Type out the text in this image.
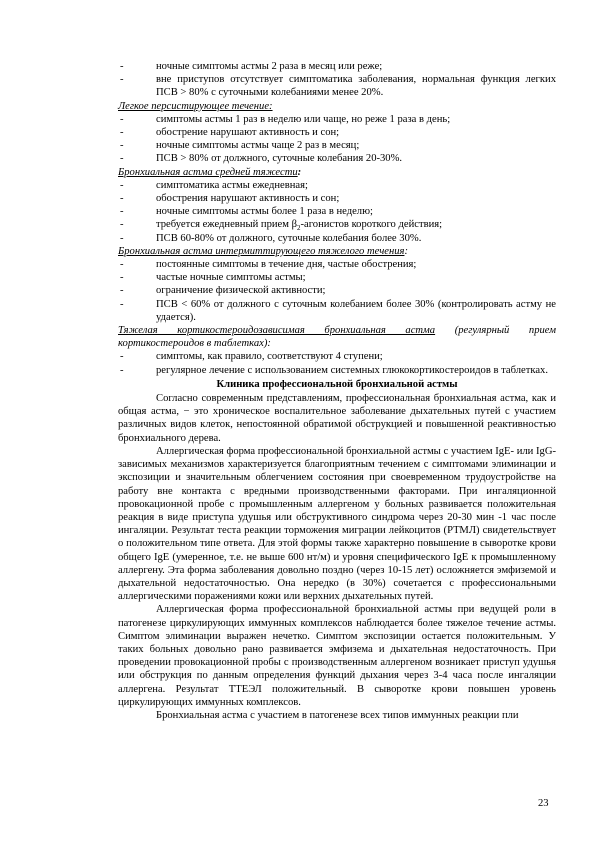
-	ночные симптомы астмы 2 раза в месяц или реже;
-	вне приступов отсутствует симптоматика заболевания, нормальная функция легких ПСВ > 80% с суточными колебаниями менее 20%.
Легкое персистирующее течение:
-	симптомы астмы 1 раз в неделю или чаще, но реже 1 раза в день;
-	обострение нарушают активность и сон;
-	ночные симптомы астмы чаще 2 раз в месяц;
-	ПСВ > 80% от должного, суточные колебания 20-30%.
Бронхиальная астма средней тяжести:
-	симптоматика астмы ежедневная;
-	обострения нарушают активность и сон;
-	ночные симптомы астмы более 1 раза в неделю;
-	требуется ежедневный прием $\beta_2$-агонистов короткого действия;
-	ПСВ 60-80% от должного, суточные колебания более 30%.
Бронхиальная астма интермиттирующего тяжелого течения:
-	постоянные симптомы в течение дня, частые обострения;
-	частые ночные симптомы астмы;
-	ограничение физической активности;
-	ПСВ < 60% от должного с суточным колебанием более 30% (контролировать астму не удается).
Тяжелая кортикостероидозависимая бронхиальная астма (регулярный прием кортикостероидов в таблетках):
-	симптомы, как правило, соответствуют 4 ступени;
-	регулярное лечение с использованием системных глюкокортикостероидов в таблетках.
Клиника профессиональной бронхиальной астмы
Согласно современным представлениям, профессиональная бронхиальная астма, как и общая астма, − это хроническое воспалительное заболевание дыхательных путей с участием различных видов клеток, непостоянной обратимой обструкцией и повышенной реактивностью бронхиального дерева.
Аллергическая форма профессиональной бронхиальной астмы с участием IgE- или IgG-зависимых механизмов характеризуется благоприятным течением с симптомами элиминации и экспозиции и значительным облегчением состояния при своевременном трудоустройстве на работу вне контакта с вредными производственными факторами. При ингаляционной провокационной пробе с промышленным аллергеном у больных развивается положительная реакция в виде приступа удушья или обструктивного синдрома через 20-30 мин -1 час после ингаляции. Результат теста реакции торможения миграции лейкоцитов (РТМЛ) свидетельствует о положительном типе ответа. Для этой формы также характерно повышение в сыворотке крови общего IgE (умеренное, т.е. не выше 600 нт/м) и уровня специфического IgE к промышленному аллергену. Эта форма заболевания довольно поздно (через 10-15 лет) осложняется эмфиземой и дыхательной недостаточностью. Она нередко (в 30%) сочетается с профессиональными аллергическими поражениями кожи или верхних дыхательных путей.
Аллергическая форма профессиональной бронхиальной астмы при ведущей роли в патогенезе циркулирующих иммунных комплексов наблюдается более тяжелое течение астмы. Симптом элиминации выражен нечетко. Симптом экспозиции остается положительным. У таких больных довольно рано развивается эмфизема и дыхательная недостаточность. При проведении провокационной пробы с производственным аллергеном возникает приступ удушья или обструкция по данным определения функций дыхания через 3-4 часа после ингаляции аллергена. Результат ТТЕЭЛ положительный. В сыворотке крови повышен уровень циркулирующих иммунных комплексов.
Бронхиальная астма с участием в патогенезе всех типов иммунных реакции пли
23
